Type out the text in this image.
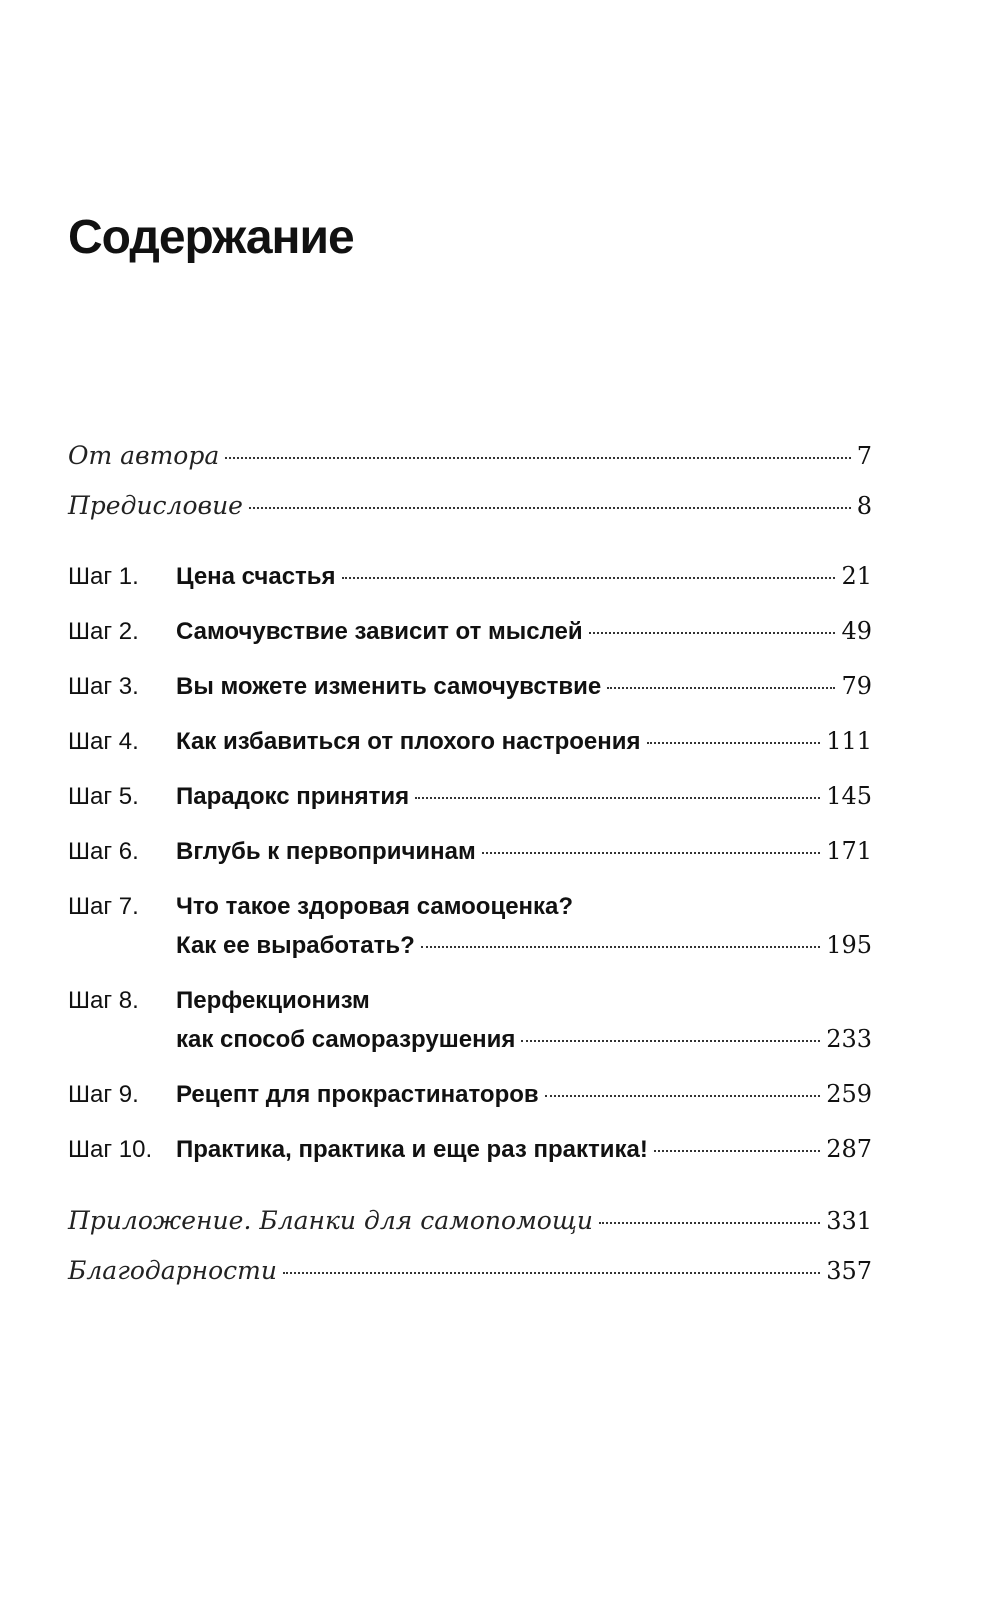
Содержание
От автора	7
Предисловие	8
Шаг 1.	Цена счастья	21
Шаг 2.	Самочувствие зависит от мыслей	49
Шаг 3.	Вы можете изменить самочувствие	79
Шаг 4.	Как избавиться от плохого настроения	111
Шаг 5.	Парадокс принятия	145
Шаг 6.	Вглубь к первопричинам	171
Шаг 7.	Что такое здоровая самооценка?
Как ее выработать?	195
Шаг 8.	Перфекционизм
как способ саморазрушения	233
Шаг 9.	Рецепт для прокрастинаторов	259
Шаг 10. Практика, практика и еще раз практика!	287
Приложение. Бланки для самопомощи	331
Благодарности	357
